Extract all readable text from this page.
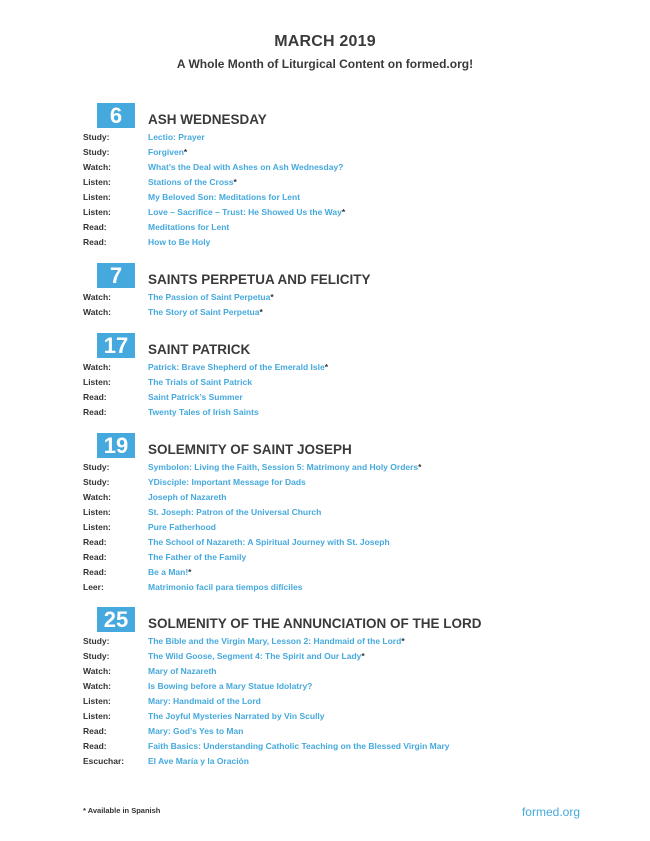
MARCH 2019
A Whole Month of Liturgical Content on formed.org!
6	ASH WEDNESDAY
Study:	Lectio: Prayer
Study:	Forgiven*
Watch:	What’s the Deal with Ashes on Ash Wednesday?
Listen:	Stations of the Cross*
Listen:	My Beloved Son: Meditations for Lent
Listen:	Love – Sacrifice – Trust: He Showed Us the Way*
Read:	Meditations for Lent
Read:	How to Be Holy
7	SAINTS PERPETUA AND FELICITY
Watch:	The Passion of Saint Perpetua*
Watch:	The Story of Saint Perpetua*
17	SAINT PATRICK
Watch:	Patrick: Brave Shepherd of the Emerald Isle*
Listen:	The Trials of Saint Patrick
Read:	Saint Patrick’s Summer
Read:	Twenty Tales of Irish Saints
19	SOLEMNITY OF SAINT JOSEPH
Study:	Symbolon: Living the Faith, Session 5: Matrimony and Holy Orders*
Study:	YDisciple: Important Message for Dads
Watch:	Joseph of Nazareth
Listen:	St. Joseph: Patron of the Universal Church
Listen:	Pure Fatherhood
Read:	The School of Nazareth: A Spiritual Journey with St. Joseph
Read:	The Father of the Family
Read:	Be a Man!*
Leer:	Matrimonio facil para tiempos difíciles
25	SOLMENITY OF THE ANNUNCIATION OF THE LORD
Study:	The Bible and the Virgin Mary, Lesson 2: Handmaid of the Lord*
Study:	The Wild Goose, Segment 4: The Spirit and Our Lady*
Watch:	Mary of Nazareth
Watch:	Is Bowing before a Mary Statue Idolatry?
Listen:	Mary: Handmaid of the Lord
Listen:	The Joyful Mysteries Narrated by Vin Scully
Read:	Mary: God’s Yes to Man
Read:	Faith Basics: Understanding Catholic Teaching on the Blessed Virgin Mary
Escuchar:	El Ave María y la Oración
* Available in Spanish	formed.org
